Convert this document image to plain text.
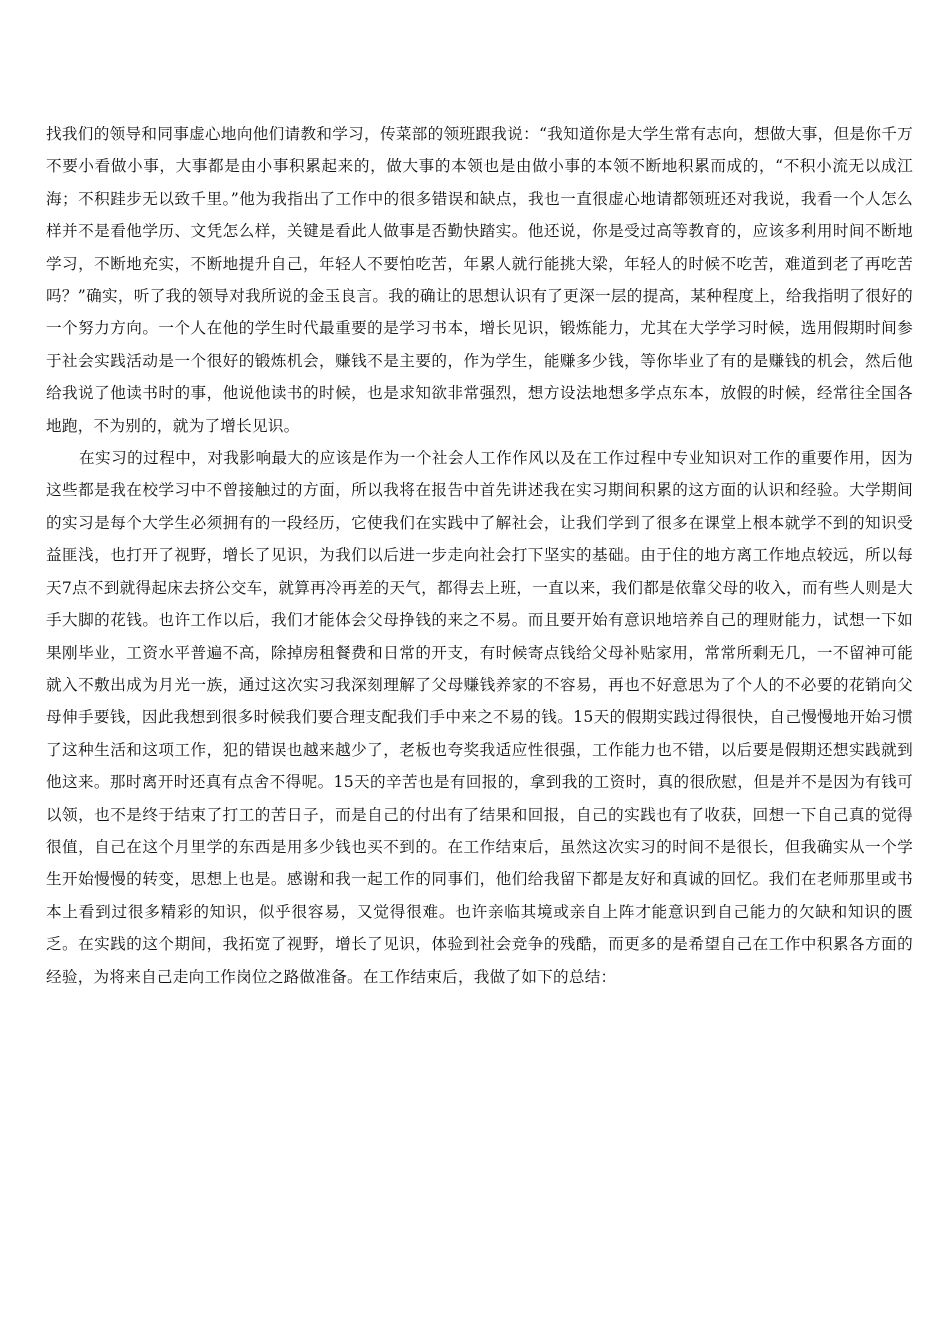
找我们的领导和同事虚心地向他们请教和学习，传菜部的领班跟我说：“我知道你是大学生常有志向，想做大事，但是你千万不要小看做小事，大事都是由小事积累起来的，做大事的本领也是由做小事的本领不断地积累而成的，“不积小流无以成江海；不积跬步无以致千里。”他为我指出了工作中的很多错误和缺点，我也一直很虚心地请都领班还对我说，我看一个人怎么样并不是看他学历、文凭怎么样，关键是看此人做事是否勤快踏实。他还说，你是受过高等教育的，应该多利用时间不断地学习，不断地充实，不断地提升自己，年轻人不要怕吃苦，年累人就行能挑大梁，年轻人的时候不吃苦，难道到老了再吃苦吗？”确实，听了我的领导对我所说的金玉良言。我的确让的思想认识有了更深一层的提高，某种程度上，给我指明了很好的一个努力方向。一个人在他的学生时代最重要的是学习书本，增长见识，锻炼能力，尤其在大学学习时候，选用假期时间参于社会实践活动是一个很好的锻炼机会，赚钱不是主要的，作为学生，能赚多少钱，等你毕业了有的是赚钱的机会，然后他给我说了他读书时的事，他说他读书的时候，也是求知欲非常强烈，想方设法地想多学点东本，放假的时候，经常往全国各地跑，不为别的，就为了增长见识。

在实习的过程中，对我影响最大的应该是作为一个社会人工作作风以及在工作过程中专业知识对工作的重要作用，因为这些都是我在校学习中不曾接触过的方面，所以我将在报告中首先讲述我在实习期间积累的这方面的认识和经验。大学期间的实习是每个大学生必须拥有的一段经历，它使我们在实践中了解社会，让我们学到了很多在课堂上根本就学不到的知识受益匪浅，也打开了视野，增长了见识，为我们以后进一步走向社会打下坚实的基础。由于住的地方离工作地点较远，所以每天7点不到就得起床去挤公交车，就算再冷再差的天气，都得去上班，一直以来，我们都是依靠父母的收入，而有些人则是大手大脚的花钱。也许工作以后，我们才能体会父母挣钱的来之不易。而且要开始有意识地培养自己的理财能力，试想一下如果刚毕业，工资水平普遍不高，除掉房租餐费和日常的开支，有时候寄点钱给父母补贴家用，常常所剩无几，一不留神可能就入不敷出成为月光一族，通过这次实习我深刻理解了父母赚钱养家的不容易，再也不好意思为了个人的不必要的花销向父母伸手要钱，因此我想到很多时候我们要合理支配我们手中来之不易的钱。15天的假期实践过得很快，自己慢慢地开始习惯了这种生活和这项工作，犯的错误也越来越少了，老板也夸奖我适应性很强，工作能力也不错，以后要是假期还想实践就到他这来。那时离开时还真有点舍不得呢。15天的辛苦也是有回报的，拿到我的工资时，真的很欣慰，但是并不是因为有钱可以领，也不是终于结束了打工的苦日子，而是自己的付出有了结果和回报，自己的实践也有了收获，回想一下自己真的觉得很值，自己在这个月里学的东西是用多少钱也买不到的。在工作结束后，虽然这次实习的时间不是很长，但我确实从一个学生开始慢慢的转变，思想上也是。感谢和我一起工作的同事们，他们给我留下都是友好和真诚的回忆。我们在老师那里或书本上看到过很多精彩的知识，似乎很容易，又觉得很难。也许亲临其境或亲自上阵才能意识到自己能力的欠缺和知识的匮乏。在实践的这个期间，我拓宽了视野，增长了见识，体验到社会竞争的残酷，而更多的是希望自己在工作中积累各方面的经验，为将来自己走向工作岗位之路做准备。在工作结束后，我做了如下的总结：
